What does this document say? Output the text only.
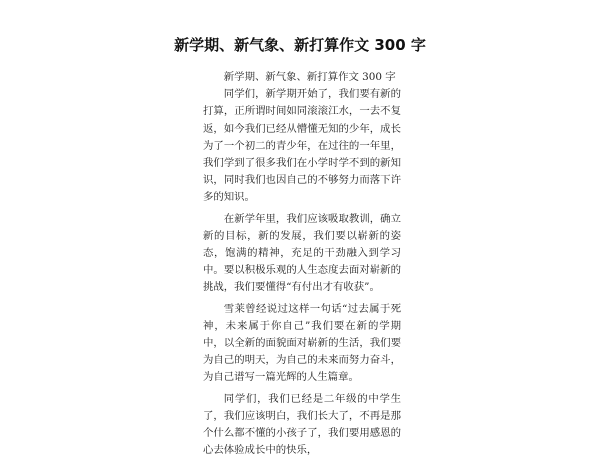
新学期、新气象、新打算作文 300 字

新学期、新气象、新打算作文 300 字

同学们，新学期开始了，我们要有新的打算，正所谓时间如同滚滚江水，一去不复返，如今我们已经从懵懂无知的少年，成长为了一个初二的青少年，在过往的一年里，我们学到了很多我们在小学时学不到的新知识，同时我们也因自己的不够努力而落下许多的知识。

在新学年里，我们应该吸取教训，确立新的目标，新的发展，我们要以崭新的姿态，饱满的精神，充足的干劲融入到学习中。要以积极乐观的人生态度去面对崭新的挑战，我们要懂得“有付出才有收获”。

雪莱曾经说过这样一句话“过去属于死神，未来属于你自己”我们要在新的学期中，以全新的面貌面对崭新的生活，我们要为自己的明天，为自己的未来而努力奋斗，为自己谱写一篇光辉的人生篇章。

同学们，我们已经是二年级的中学生了，我们应该明白，我们长大了，不再是那个什么都不懂的小孩子了，我们要用感恩的心去体验成长中的快乐，
